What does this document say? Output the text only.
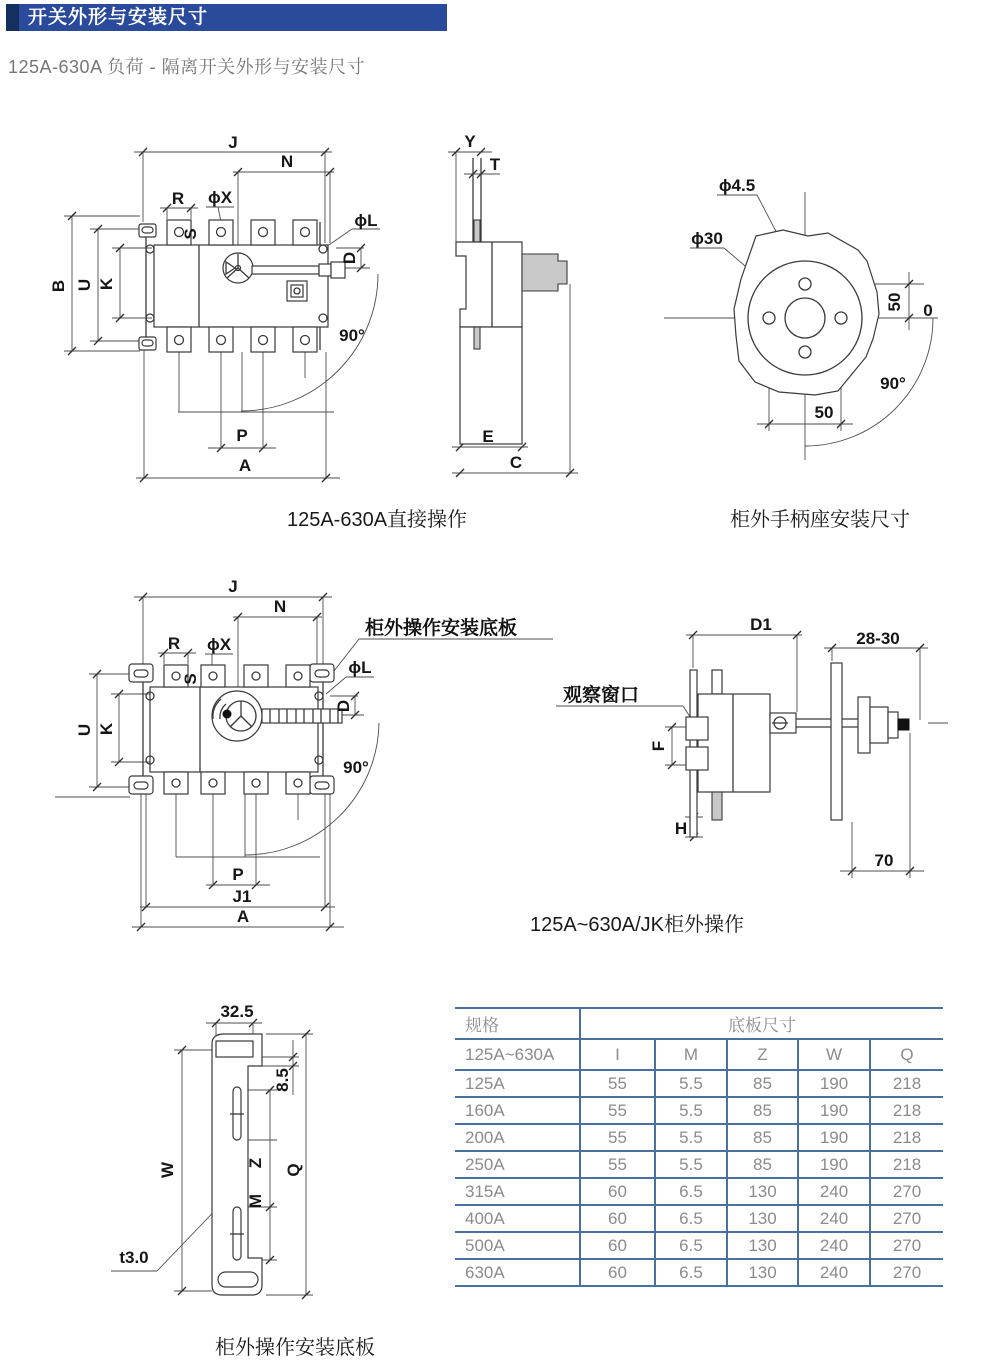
开关外形与安装尺寸
125A-630A 负荷 - 隔离开关外形与安装尺寸
J
N
R ϕX
ϕL
S
B U K
D
90°
P
A
Y
T
E
C
ϕ4.5
ϕ30
50 0
90°
50
柜外操作安装底板
J
N
R ϕX
ϕL
S
D
U K
90°
P
J1
A
观察窗口
D1
28-30
F
H
70
32.5
8.5
W	Z
M
Q
t3.0
125A-630A直接操作	柜外手柄座安装尺寸
125A~630A/JK柜外操作
柜外操作安装底板
规格	底板尺寸				
125A~630A	I	M	Z	W	Q
125A	55	5.5	85	190	218
160A	55	5.5	85	190	218
200A	55	5.5	85	190	218
250A	55	5.5	85	190	218
315A	60	6.5	130	240	270
400A	60	6.5	130	240	270
500A	60	6.5	130	240	270
630A	60	6.5	130	240	270
